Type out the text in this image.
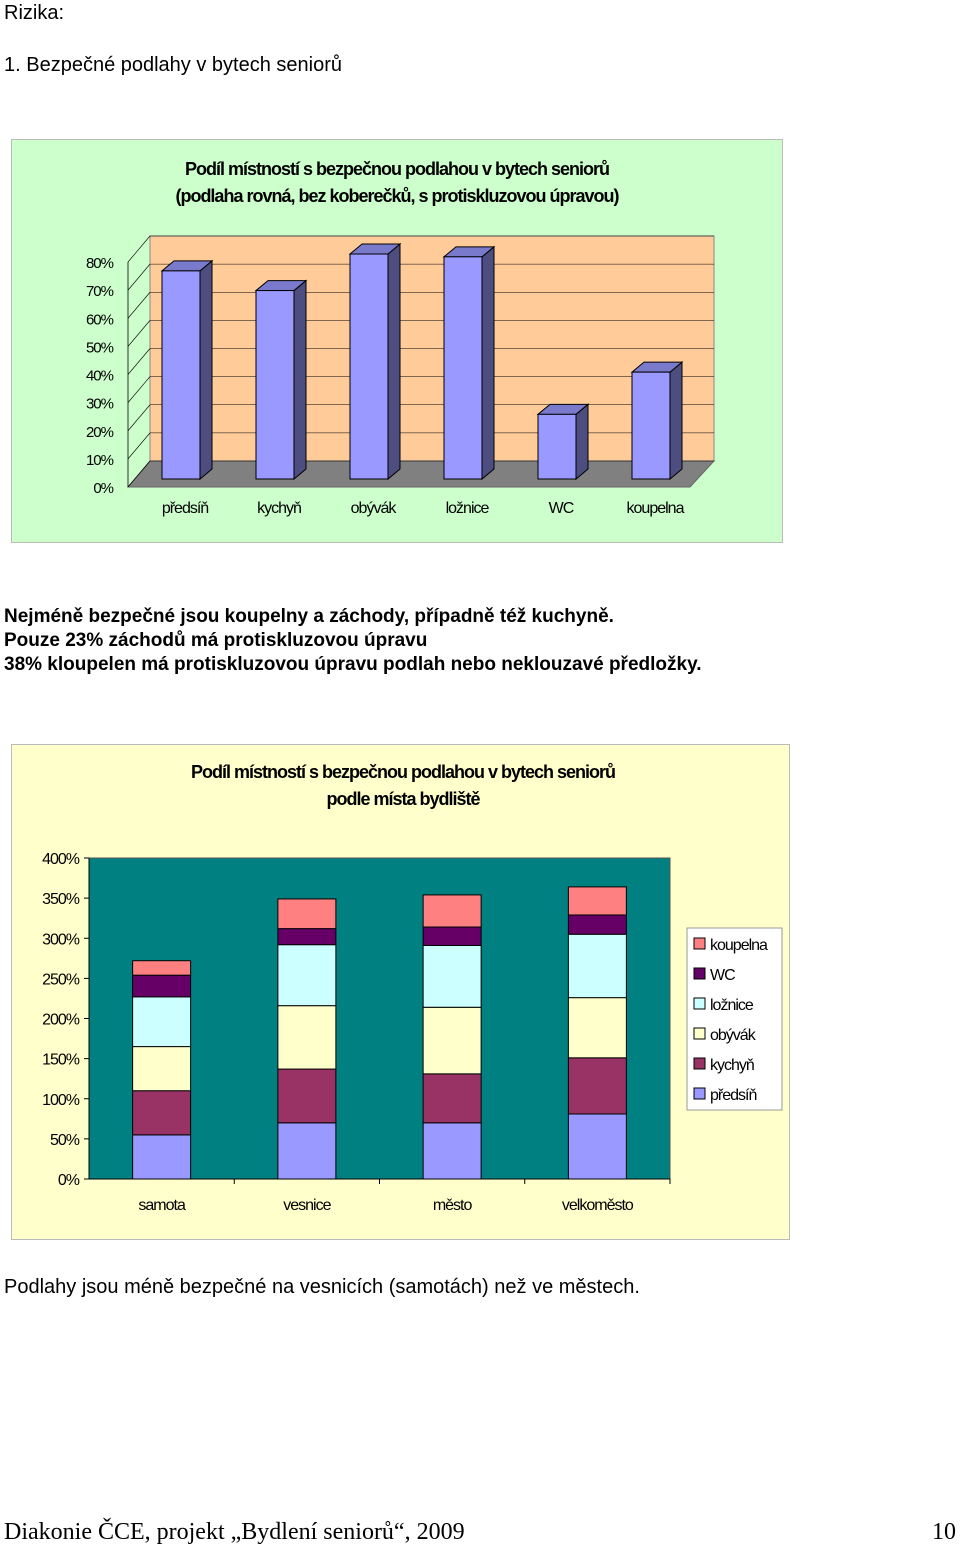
Rizika:
1. Bezpečné podlahy v bytech seniorů
Podíl místností s bezpečnou podlahou v bytech seniorů
(podlaha rovná, bez koberečků, s protiskluzovou úpravou)
0%
10%
20%
30%
40%
50%
60%
70%
80%
předsíň	kychyň	obývák	ložnice	WC	koupelna
Nejméně bezpečné jsou koupelny a záchody, případně též kuchyně.
Pouze 23% záchodů má protiskluzovou úpravu
38% kloupelen má protiskluzovou úpravu podlah nebo neklouzavé předložky.
Podíl místností s bezpečnou podlahou v bytech seniorů
podle místa bydliště
0%
50%
100%
150%
200%
250%
300%
350%
400%
samota	vesnice	město	velkoměsto
koupelna
WC
ložnice
obývák
kychyň
předsíň
Podlahy jsou méně bezpečné na vesnicích (samotách) než ve městech.
Diakonie ČCE, projekt „Bydlení seniorů“, 2009	10
